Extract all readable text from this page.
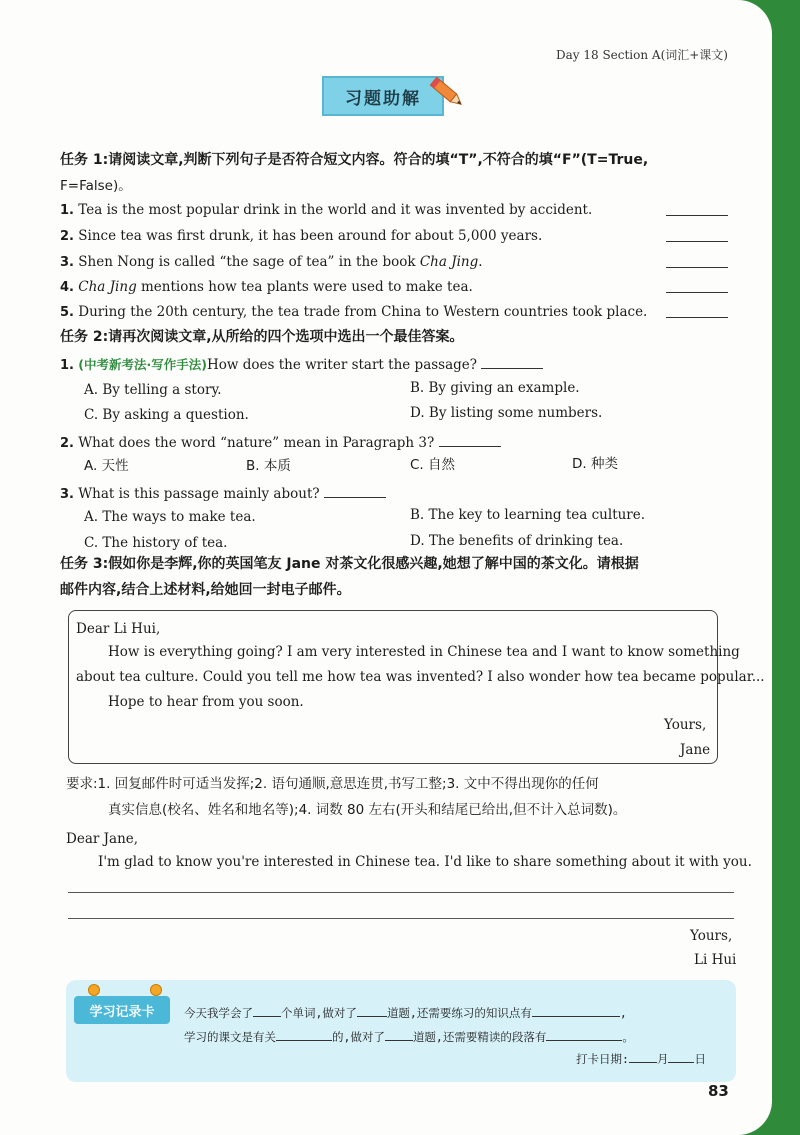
Day 18 Section A(词汇+课文)
习题助解
任务 1:请阅读文章,判断下列句子是否符合短文内容。符合的填“T”,不符合的填“F”(T=True,
F=False)。
1. Tea is the most popular drink in the world and it was invented by accident.
2. Since tea was first drunk, it has been around for about 5,000 years.
3. Shen Nong is called “the sage of tea” in the book Cha Jing.
4. Cha Jing mentions how tea plants were used to make tea.
5. During the 20th century, the tea trade from China to Western countries took place.
任务 2:请再次阅读文章,从所给的四个选项中选出一个最佳答案。
1. (中考新考法·写作手法)How does the writer start the passage?
A. By telling a story.	B. By giving an example.
C. By asking a question.	D. By listing some numbers.
2. What does the word “nature” mean in Paragraph 3?
A. 天性	B. 本质	C. 自然	D. 种类
3. What is this passage mainly about?
A. The ways to make tea.	B. The key to learning tea culture.
C. The history of tea.	D. The benefits of drinking tea.
任务 3:假如你是李辉,你的英国笔友 Jane 对茶文化很感兴趣,她想了解中国的茶文化。请根据
邮件内容,结合上述材料,给她回一封电子邮件。
Dear Li Hui,
How is everything going? I am very interested in Chinese tea and I want to know something
about tea culture. Could you tell me how tea was invented? I also wonder how tea became popular...
Hope to hear from you soon.
Yours,
Jane
要求:1. 回复邮件时可适当发挥;2. 语句通顺,意思连贯,书写工整;3. 文中不得出现你的任何
真实信息(校名、姓名和地名等);4. 词数 80 左右(开头和结尾已给出,但不计入总词数)。
Dear Jane,
I'm glad to know you're interested in Chinese tea. I'd like to share something about it with you.
Yours,
Li Hui
学习记录卡	今天我学会了 个单词,做对了	道题,还需要练习的知识点有	,
学习的课文是有关	的,做对了 道题,还需要精读的段落有	。
打卡日期: 月 日
83
